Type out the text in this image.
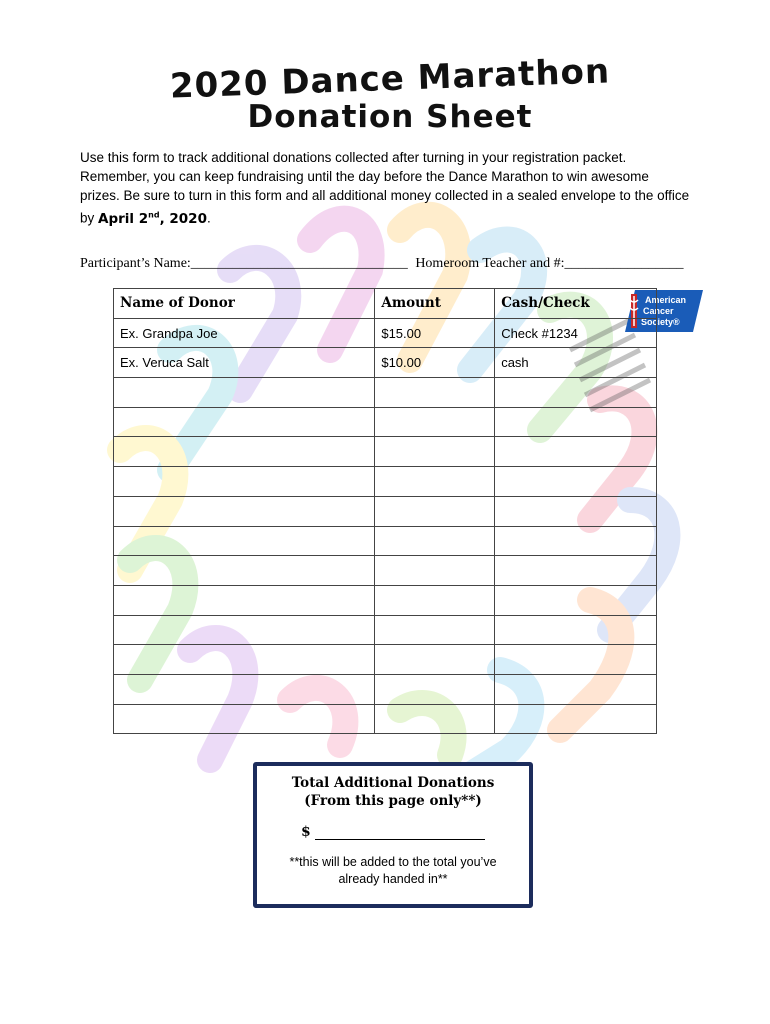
2020 Dance Marathon
Donation Sheet
Use this form to track additional donations collected after turning in your registration packet. Remember, you can keep fundraising until the day before the Dance Marathon to win awesome prizes. Be sure to turn in this form and all additional money collected in a sealed envelope to the office by April 2nd, 2020.
Participant’s Name:_______________________________ Homeroom Teacher and #:_________________
American
Cancer
Society®
Name of Donor	Amount	Cash/Check
Ex. Grandpa Joe	$15.00	Check #1234
Ex. Veruca Salt	$10.00	cash

Total Additional Donations
(From this page only**)
$
**this will be added to the total you’ve
already handed in**
